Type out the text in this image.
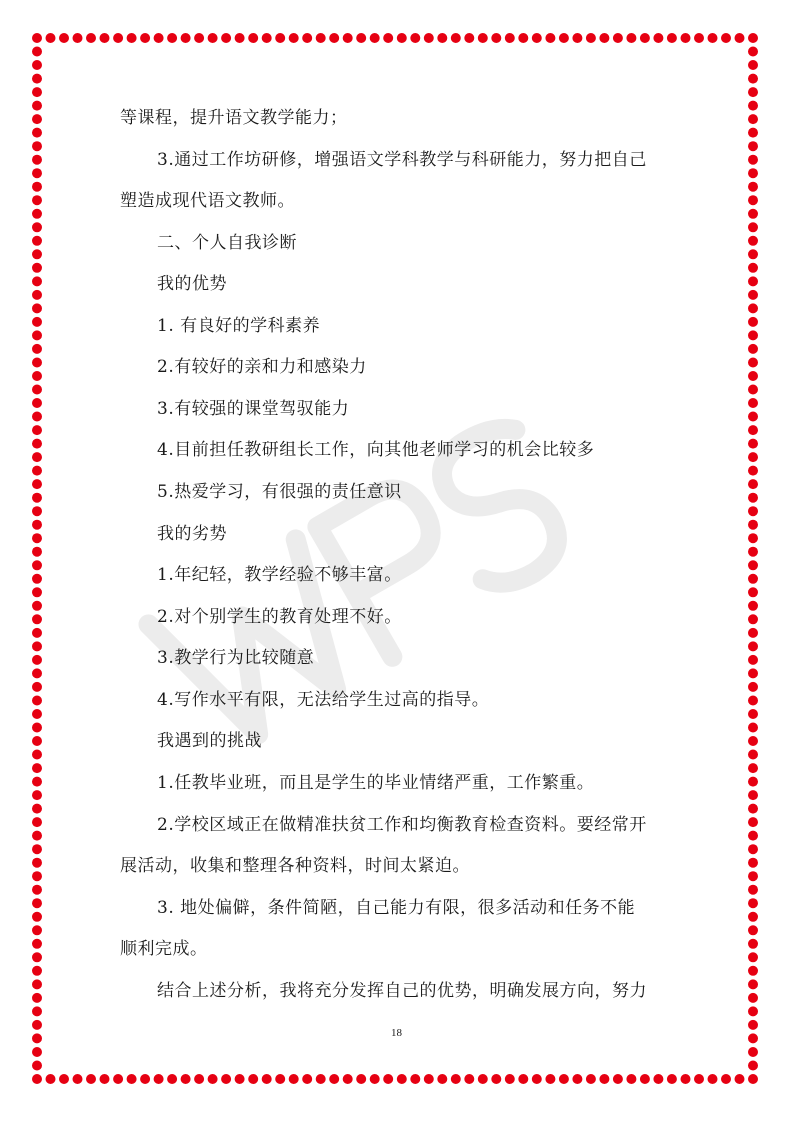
等课程，提升语文教学能力；
3.通过工作坊研修，增强语文学科教学与科研能力，努力把自己
塑造成现代语文教师。
二、个人自我诊断
我的优势
1. 有良好的学科素养
2.有较好的亲和力和感染力
3.有较强的课堂驾驭能力
4.目前担任教研组长工作，向其他老师学习的机会比较多
5.热爱学习，有很强的责任意识
我的劣势
1.年纪轻，教学经验不够丰富。
2.对个别学生的教育处理不好。
3.教学行为比较随意
4.写作水平有限，无法给学生过高的指导。
我遇到的挑战
1.任教毕业班，而且是学生的毕业情绪严重，工作繁重。
2.学校区域正在做精准扶贫工作和均衡教育检查资料。要经常开
展活动，收集和整理各种资料，时间太紧迫。
3. 地处偏僻，条件简陋，自己能力有限，很多活动和任务不能
顺利完成。
结合上述分析，我将充分发挥自己的优势，明确发展方向，努力
18
